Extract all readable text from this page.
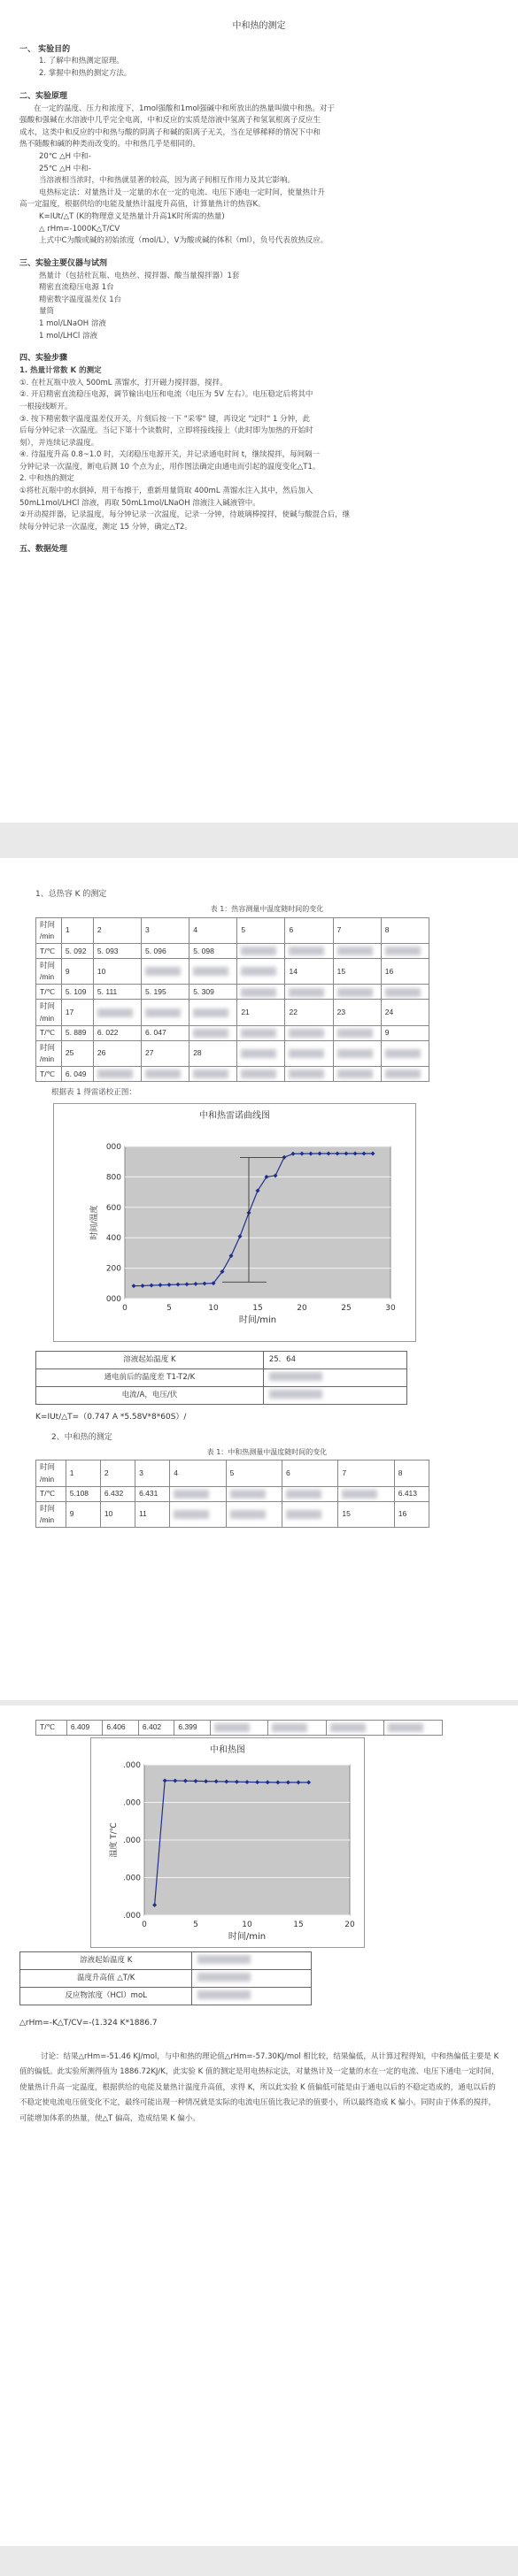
中和热的测定
一、 实验目的
1. 了解中和热测定原理。
2. 掌握中和热的测定方法。
二、实验原理
在一定的温度、压力和浓度下，1mol强酸和1mol强碱中和所放出的热量叫做中和热。对于
强酸和强碱在水溶液中几乎完全电离，中和反应的实质是溶液中氢离子和氢氧根离子反应生
成水，这类中和反应的中和热与酸的阴离子和碱的阳离子无关，当在足够稀释的情况下中和
热不随酸和碱的种类而改变的。中和热几乎是相同的。
20℃ △H 中和-
25℃ △H 中和-
当溶液相当浓时，中和热就显著的较高，因为离子间相互作用力及其它影响。
电热标定法：对量热计及一定量的水在一定的电流、电压下通电一定时间，使量热计升
高一定温度，根据供给的电能及量热计温度升高值，计算量热计的热容K。
K=IUt/△T (K的物理意义是热量计升高1K时所需的热量)
△ rHm=-1000K△T/CV
上式中C为酸或碱的初始浓度（mol/L），V为酸或碱的体积（ml），负号代表放热反应。
三、实验主要仪器与试剂
热量计（包括杜瓦瓶、电热丝、搅拌器、酸当量搅拌器）1套
精密直流稳压电源 1台
精密数字温度温差仪 1台
量筒
1 mol/LNaOH 溶液
1 mol/LHCl 溶液
四、实验步骤
1. 热量计常数 K 的测定
①. 在杜瓦瓶中放入 500mL 蒸馏水，打开磁力搅拌器，搅拌。
②. 开启精密直流稳压电源，调节输出电压和电流（电压为 5V 左右）。电压稳定后将其中
一根接线断开。
③. 按下精密数字温度温差仪开关，片刻后按一下 "采零" 键，再设定 "定时" 1 分钟，此
后每分钟记录一次温度。当记下第十个读数时，立即将接线接上（此时即为加热的开始时
刻），并连续记录温度。
④. 待温度升高 0.8~1.0 时，关闭稳压电源开关，并记录通电时间 t，继续搅拌，每间隔一
分钟记录一次温度，断电后测 10 个点为止，用作图法确定由通电而引起的温度变化△T1。
2. 中和热的测定
①将杜瓦瓶中的水倒掉，用干布擦干，重新用量筒取 400mL 蒸馏水注入其中，然后加入
50mL1mol/LHCl 溶液，再取 50mL1mol/LNaOH 溶液注入碱液管中。
②开动搅拌器，记录温度，每分钟记录一次温度，记录一分钟，待玻璃棒搅拌，使碱与酸混合后，继
续每分钟记录一次温度，测定 15 分钟，确定△T2。
五、数据处理
1、总热容 K 的测定
表 1：热容测量中温度随时间的变化
时间
/min	1	2	3	4	5	6	7	8
T/℃	5. 092	5. 093	5. 096	5. 098				
时间
/min	9	10				14	15	16
T/℃	5. 109	5. 111	5. 195	5. 309				
时间
/min	17				21	22	23	24
T/℃	5. 889	6. 022	6. 047					9
时间
/min	25	26	27	28				
T/℃	6. 049							
根据表 1 得雷诺校正图：
中和热雷诺曲线图
000
800
600
400
200
000
0	5	10	15	20	25	30
时间/min
时间/温度
溶液起始温度 K	25．64
通电前后的温度差 T1-T2/K	
电流/A，电压/伏	
K=IUt/△T=（0.747 A *5.58V*8*60S）/
2、中和热的测定
表 1：中和热测量中温度随时间的变化
时间
/min	1	2	3	4	5	6	7	8
T/℃	5.108	6.432	6.431					6.413
时间
/min	9	10	11				15	16
T/℃	6.409	6.406	6.402	6.399				
中和热图
.000
.000
.000
.000
.000
0	5	10	15	20
时间/min
温度 T/℃
溶液起始温度 K	
温度升高值 △T/K	
反应物浓度（HCl）moL	
△rHm=-K△T/CV=-(1.324 K*1886.7
讨论：结果△rHm=-51.46 KJ/mol，与中和热的理论值△rHm=-57.30KJ/mol 相比较，结果偏低，从计算过程得知，中和热偏低主要是 K 值的偏低。此实验所测得值为 1886.72KJ/K，此实验 K 值的测定是用电热标定法，对量热计及一定量的水在一定的电流、电压下通电一定时间，使量热计升高一定温度，根据供给的电能及量热计温度升高值，求得 K，所以此实验 K 值偏低可能是由于通电以后的不稳定造成的，通电以后的不稳定使电流电压值变化不定，最终可能出现一种情况就是实际的电流电压值比我记录的值要小，所以最终造成 K 偏小。同时由于体系的搅拌，可能增加体系的热量，使△T 偏高，造成结果 K 偏小。
